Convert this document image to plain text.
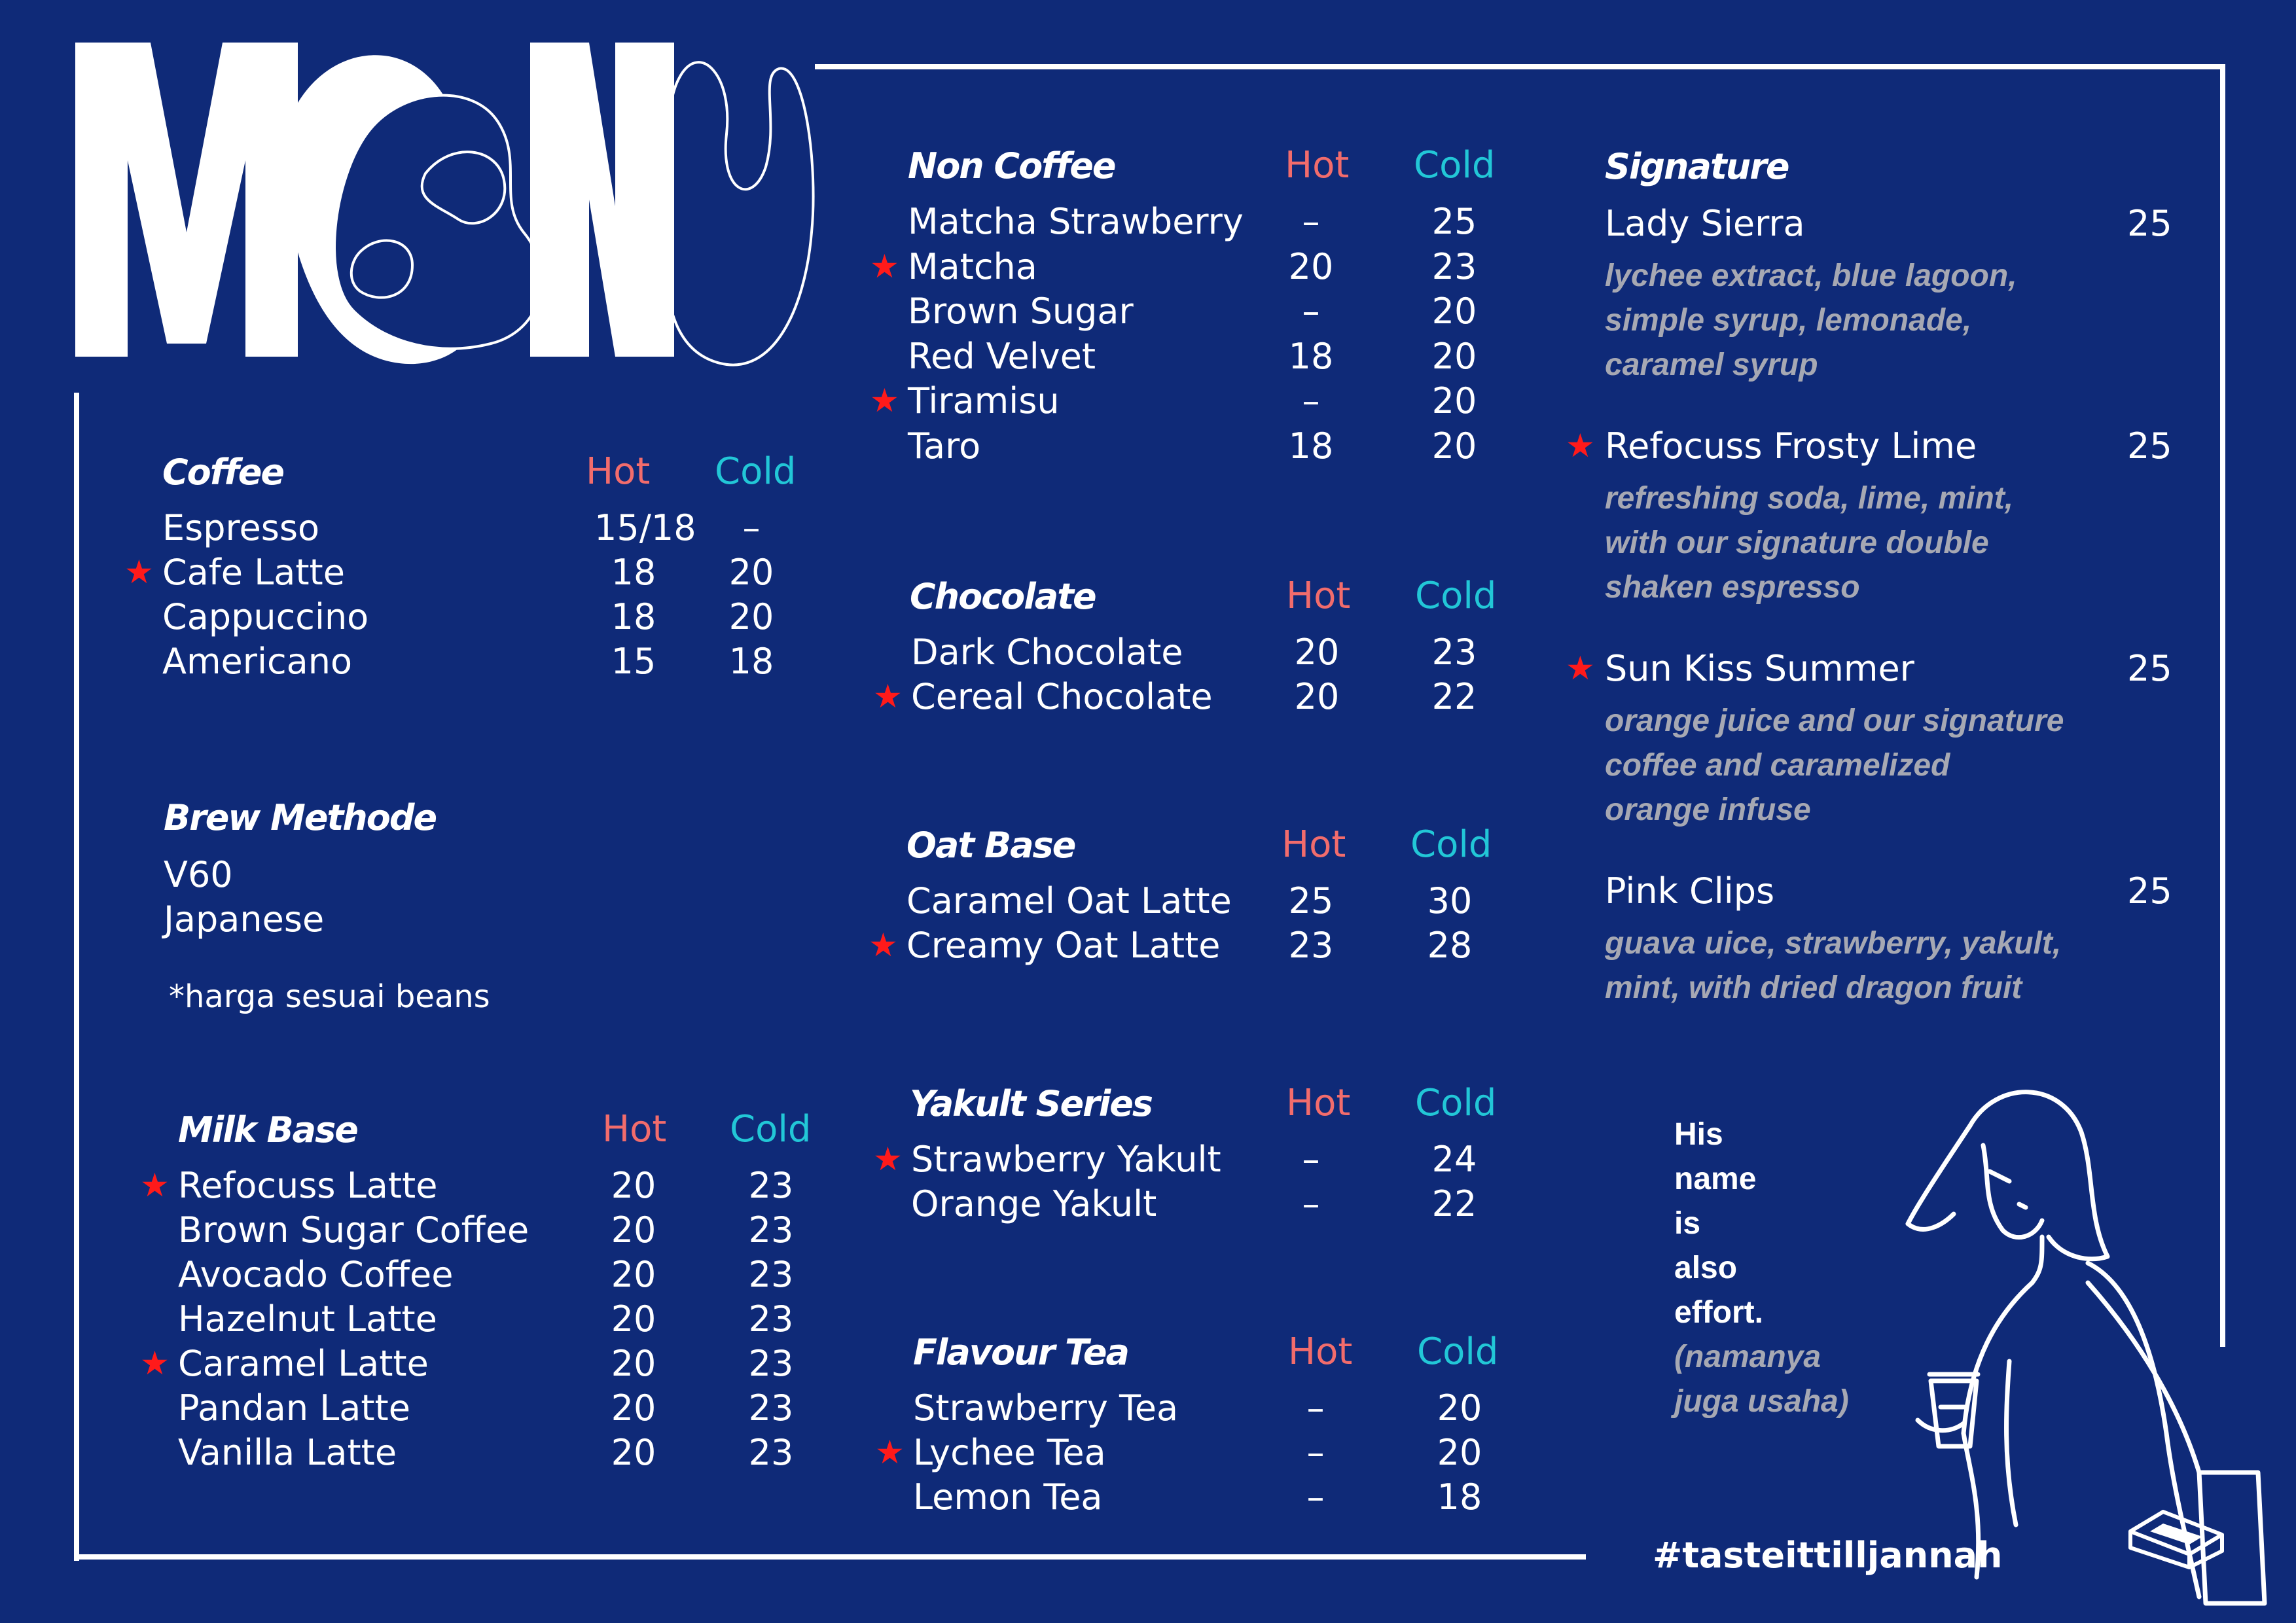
Coffee	Hot Cold
Espresso	15/18	–
★ Cafe Latte	18	20
Cappuccino	18	20
Americano	15	18
Brew Methode
V60
Japanese
*harga sesuai beans
Milk Base	Hot Cold
★ Refocuss Latte	20	23
Brown Sugar Coffee	20	23
Avocado Coffee	20	23
Hazelnut Latte	20	23
★ Caramel Latte	20	23
Pandan Latte	20	23
Vanilla Latte	20	23
Non Coffee	Hot Cold
Matcha Strawberry	–	25
★ Matcha	20	23
Brown Sugar	–	20
Red Velvet	18	20
★ Tiramisu	–	20
Taro	18	20
Chocolate	Hot Cold
Dark Chocolate	20	23
★ Cereal Chocolate	20	22
Oat Base	Hot Cold
Caramel Oat Latte	25	30
★ Creamy Oat Latte	23	28
Yakult Series	Hot Cold
★ Strawberry Yakult	–	24
Orange Yakult	–	22
Flavour Tea	Hot Cold
Strawberry Tea	–	20
★ Lychee Tea	–	20
Lemon Tea	–	18
Signature
Lady Sierra	25
lychee extract, blue lagoon,
simple syrup, lemonade,
caramel syrup
★ Refocuss Frosty Lime	25
refreshing soda, lime, mint,
with our signature double
shaken espresso
★ Sun Kiss Summer	25
orange juice and our signature
coffee and caramelized
orange infuse
Pink Clips	25
guava uice, strawberry, yakult,
mint, with dried dragon fruit
His
name
is
also
effort.
(namanya
juga usaha)
#tasteittilljannah
